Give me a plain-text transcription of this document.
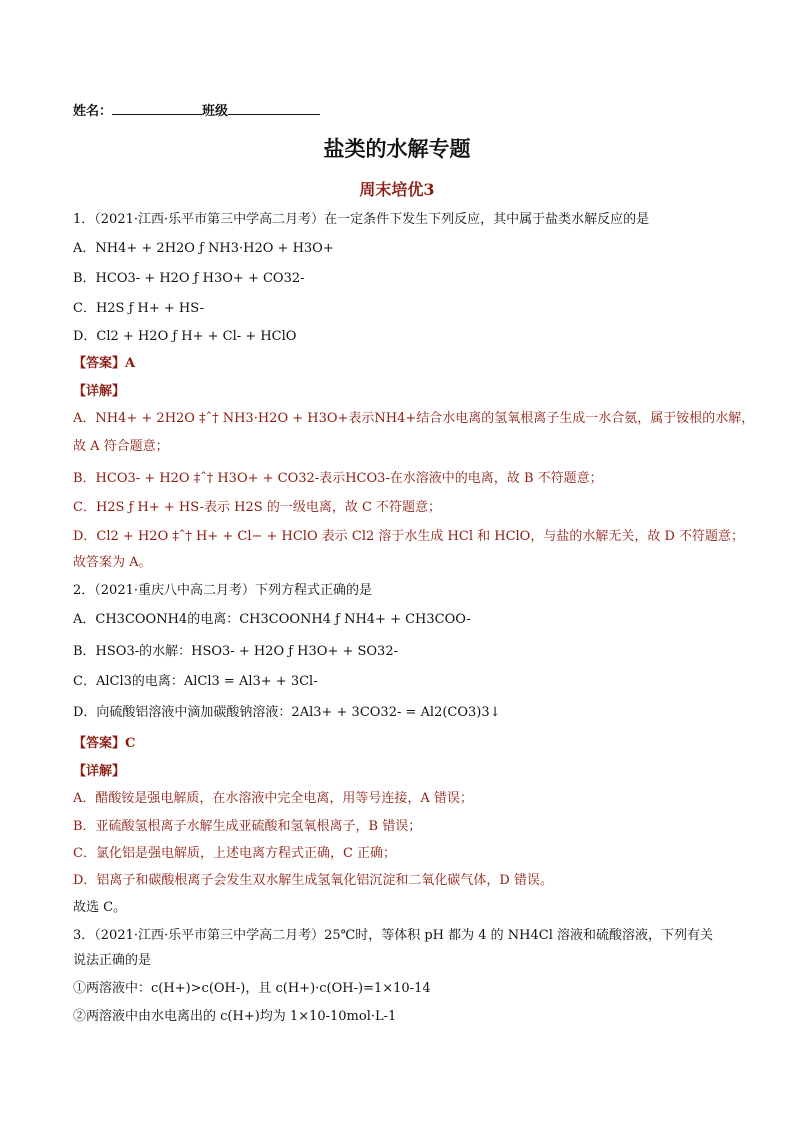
姓名：	班级
盐类的水解专题
周末培优3
1．（2021·江西·乐平市第三中学高二月考）在一定条件下发生下列反应，其中属于盐类水解反应的是
A．NH4+ + 2H2O ƒ NH3·H2O + H3O+
B．HCO3- + H2O ƒ H3O+ + CO32-
C．H2S ƒ H+ + HS-
D．Cl2 + H2O ƒ H+ + Cl- + HClO
【答案】A
【详解】
A．NH4+ + 2H2O ‡ˆ† NH3·H2O + H3O+表示NH4+结合水电离的氢氧根离子生成一水合氨，属于铵根的水解，
故 A 符合题意；
B．HCO3- + H2O ‡ˆ† H3O+ + CO32-表示HCO3-在水溶液中的电离，故 B 不符题意；
C．H2S ƒ H+ + HS-表示 H2S 的一级电离，故 C 不符题意；
D．Cl2 + H2O ‡ˆ† H+ + Cl− + HClO 表示 Cl2 溶于水生成 HCl 和 HClO，与盐的水解无关，故 D 不符题意；
故答案为 A。
2．（2021·重庆八中高二月考）下列方程式正确的是
A．CH3COONH4的电离：CH3COONH4 ƒ NH4+ + CH3COO-
B．HSO3-的水解：HSO3- + H2O ƒ H3O+ + SO32-
C．AlCl3的电离：AlCl3 = Al3+ + 3Cl-
D．向硫酸铝溶液中滴加碳酸钠溶液：2Al3+ + 3CO32- = Al2(CO3)3↓
【答案】C
【详解】
A．醋酸铵是强电解质，在水溶液中完全电离，用等号连接，A 错误；
B．亚硫酸氢根离子水解生成亚硫酸和氢氧根离子，B 错误；
C．氯化铝是强电解质，上述电离方程式正确，C 正确；
D．铝离子和碳酸根离子会发生双水解生成氢氧化铝沉淀和二氧化碳气体，D 错误。
故选 C。
3．（2021·江西·乐平市第三中学高二月考）25℃时，等体积 pH 都为 4 的 NH4Cl 溶液和硫酸溶液，下列有关
说法正确的是
①两溶液中：c(H+)>c(OH-)，且 c(H+)·c(OH-)=1×10-14
②两溶液中由水电离出的 c(H+)均为 1×10-10mol·L-1
